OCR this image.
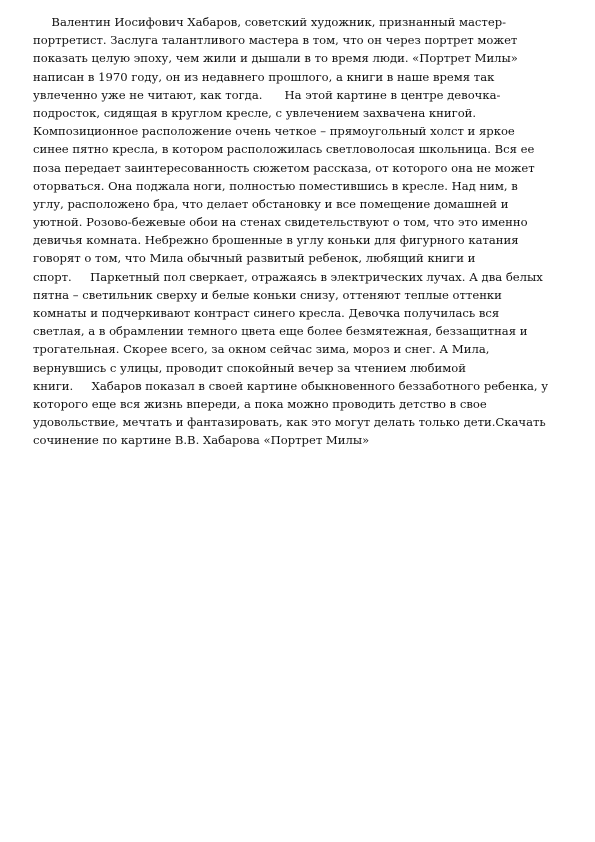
Валентин Иосифович Хабаров, советский художник, признанный мастер-
портретист. Заслуга талантливого мастера в том, что он через портрет может
показать целую эпоху, чем жили и дышали в то время люди. «Портрет Милы»
написан в 1970 году, он из недавнего прошлого, а книги в наше время так
увлеченно уже не читают, как тогда.      На этой картине в центре девочка-
подросток, сидящая в круглом кресле, с увлечением захвачена книгой.
Композиционное расположение очень четкое – прямоугольный холст и яркое
синее пятно кресла, в котором расположилась светловолосая школьница. Вся ее
поза передает заинтересованность сюжетом рассказа, от которого она не может
оторваться. Она поджала ноги, полностью поместившись в кресле. Над ним, в
углу, расположено бра, что делает обстановку и все помещение домашней и
уютной. Розово-бежевые обои на стенах свидетельствуют о том, что это именно
девичья комната. Небрежно брошенные в углу коньки для фигурного катания
говорят о том, что Мила обычный развитый ребенок, любящий книги и
спорт.     Паркетный пол сверкает, отражаясь в электрических лучах. А два белых
пятна – светильник сверху и белые коньки снизу, оттеняют теплые оттенки
комнаты и подчеркивают контраст синего кресла. Девочка получилась вся
светлая, а в обрамлении темного цвета еще более безмятежная, беззащитная и
трогательная. Скорее всего, за окном сейчас зима, мороз и снег. А Мила,
вернувшись с улицы, проводит спокойный вечер за чтением любимой
книги.     Хабаров показал в своей картине обыкновенного беззаботного ребенка, у
которого еще вся жизнь впереди, а пока можно проводить детство в свое
удовольствие, мечтать и фантазировать, как это могут делать только дети.Скачать
сочинение по картине В.В. Хабарова «Портрет Милы»
